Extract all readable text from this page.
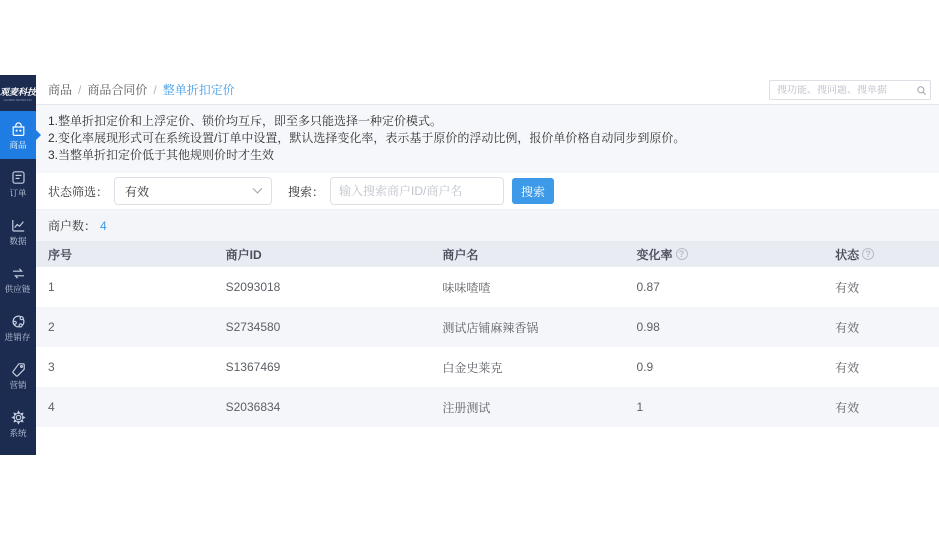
观麦科技
GUANMAI TECHNOLOGY
商品
订单
数据
供应链
进销存
营销
系统
商品 / 商品合同价 / 整单折扣定价
搜功能、搜问题、搜单据
1.整单折扣定价和上浮定价、锁价均互斥，即至多只能选择一种定价模式。
2.变化率展现形式可在系统设置/订单中设置，默认选择变化率，表示基于原价的浮动比例，报价单价格自动同步到原价。
3.当整单折扣定价低于其他规则价时才生效
状态筛选： 有效	搜索：
输入搜索商户ID/商户名	搜索
商户数： 4
序号	商户ID	商户名	变化率 ?	状态 ?

1	S2093018	味味喳喳	0.87	有效
2	S2734580	测试店铺麻辣香锅	0.98	有效
3	S1367469	白金史莱克	0.9	有效
4	S2036834	注册测试	1	有效
